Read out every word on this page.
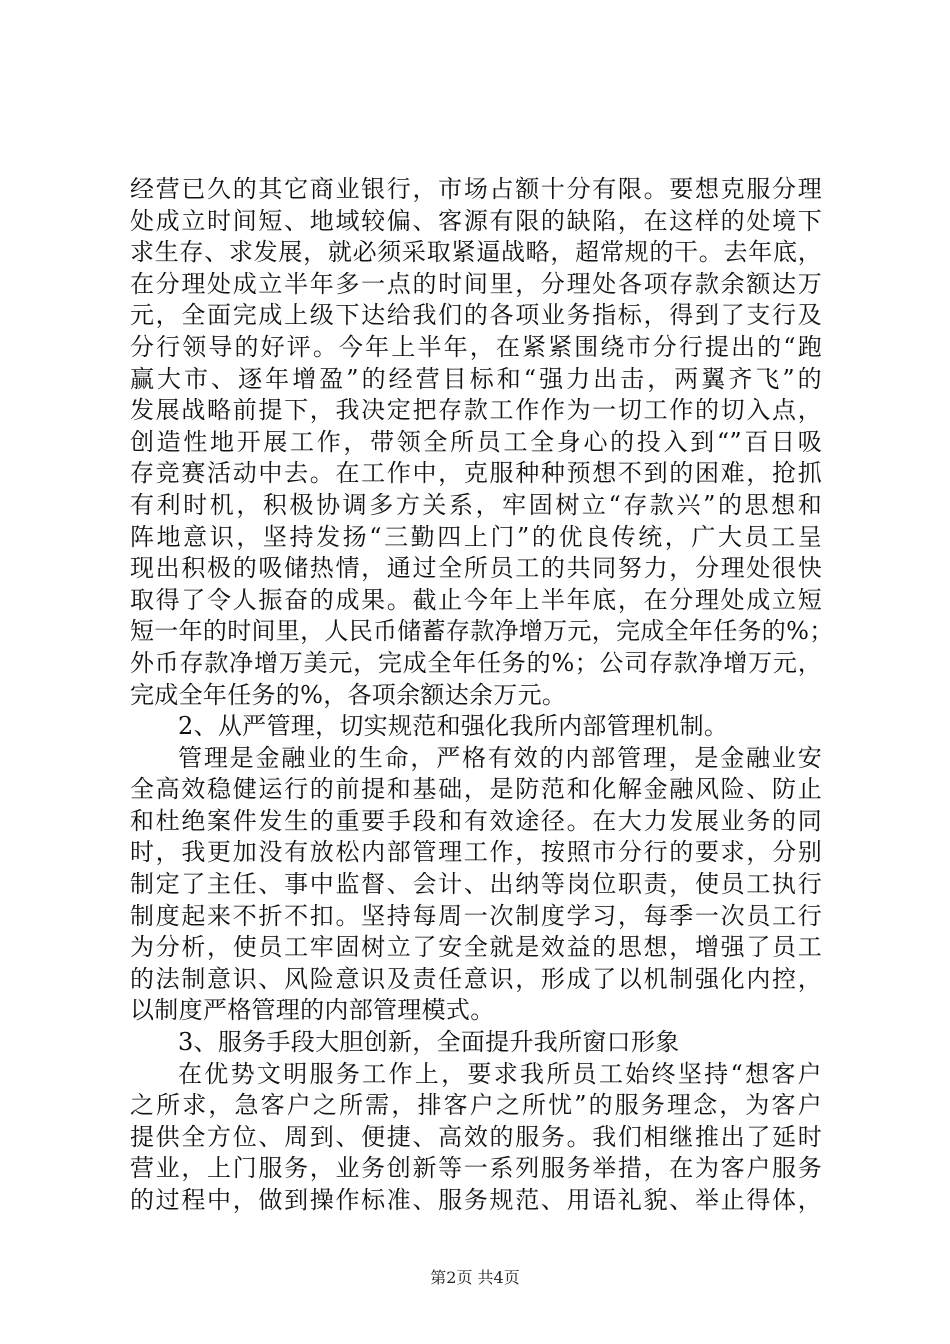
经营已久的其它商业银行，市场占额十分有限。要想克服分理
处成立时间短、地域较偏、客源有限的缺陷，在这样的处境下
求生存、求发展，就必须采取紧逼战略，超常规的干。去年底，
在分理处成立半年多一点的时间里，分理处各项存款余额达万
元，全面完成上级下达给我们的各项业务指标，得到了支行及
分行领导的好评。今年上半年，在紧紧围绕市分行提出的“跑
赢大市、逐年增盈”的经营目标和“强力出击，两翼齐飞”的
发展战略前提下，我决定把存款工作作为一切工作的切入点，
创造性地开展工作，带领全所员工全身心的投入到“”百日吸
存竞赛活动中去。在工作中，克服种种预想不到的困难，抢抓
有利时机，积极协调多方关系，牢固树立“存款兴”的思想和
阵地意识，坚持发扬“三勤四上门”的优良传统，广大员工呈
现出积极的吸储热情，通过全所员工的共同努力，分理处很快
取得了令人振奋的成果。截止今年上半年底，在分理处成立短
短一年的时间里，人民币储蓄存款净增万元，完成全年任务的%；
外币存款净增万美元，完成全年任务的%；公司存款净增万元，
完成全年任务的%，各项余额达余万元。
2、从严管理，切实规范和强化我所内部管理机制。
管理是金融业的生命，严格有效的内部管理，是金融业安
全高效稳健运行的前提和基础，是防范和化解金融风险、防止
和杜绝案件发生的重要手段和有效途径。在大力发展业务的同
时，我更加没有放松内部管理工作，按照市分行的要求，分别
制定了主任、事中监督、会计、出纳等岗位职责，使员工执行
制度起来不折不扣。坚持每周一次制度学习，每季一次员工行
为分析，使员工牢固树立了安全就是效益的思想，增强了员工
的法制意识、风险意识及责任意识，形成了以机制强化内控，
以制度严格管理的内部管理模式。
3、服务手段大胆创新，全面提升我所窗口形象
在优势文明服务工作上，要求我所员工始终坚持“想客户
之所求，急客户之所需，排客户之所忧”的服务理念，为客户
提供全方位、周到、便捷、高效的服务。我们相继推出了延时
营业，上门服务，业务创新等一系列服务举措，在为客户服务
的过程中，做到操作标准、服务规范、用语礼貌、举止得体，
第2页 共4页
